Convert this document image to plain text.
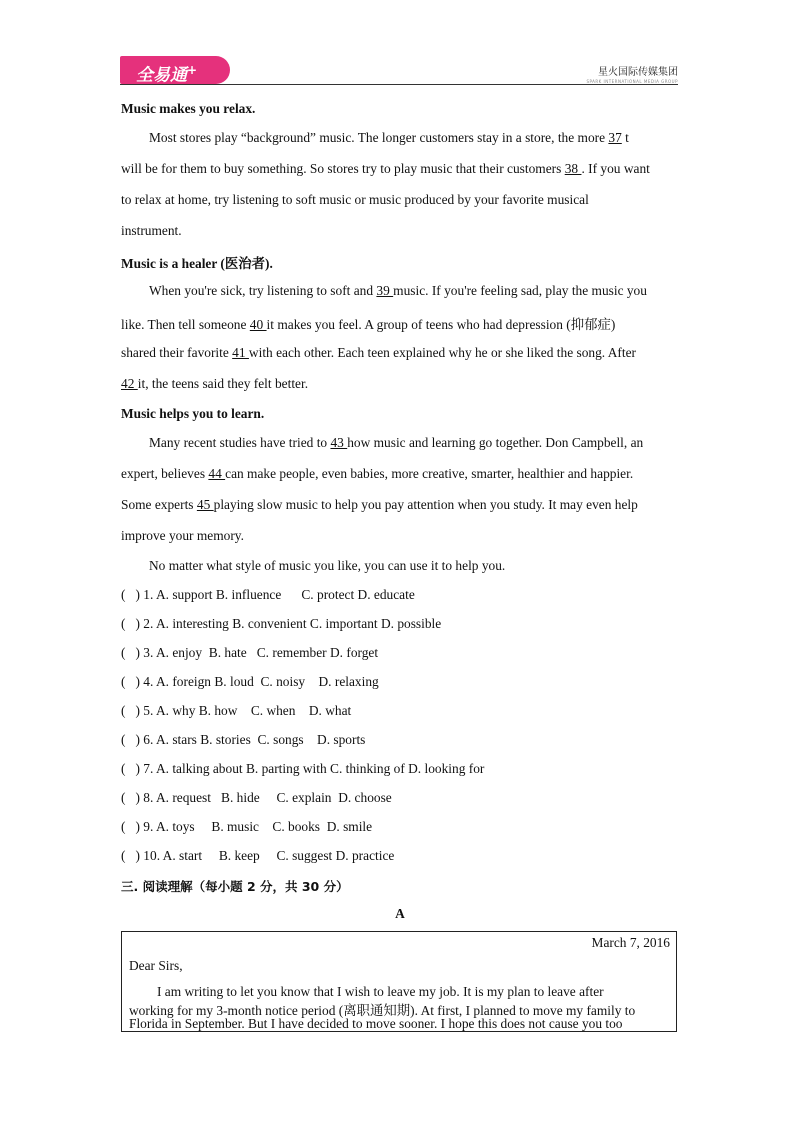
全易通+	星火国际传媒集团
SPARK INTERNATIONAL MEDIA GROUP
Music makes you relax.
Most stores play “background” music. The longer customers stay in a store, the more 37 t
will be for them to buy something. So stores try to play music that their customers 38 . If you want
to relax at home, try listening to soft music or music produced by your favorite musical
instrument.
Music is a healer (医治者).
When you're sick, try listening to soft and 39 music. If you're feeling sad, play the music you
like. Then tell someone 40 it makes you feel. A group of teens who had depression (抑郁症)
shared their favorite 41 with each other. Each teen explained why he or she liked the song. After
42 it, the teens said they felt better.
Music helps you to learn.
Many recent studies have tried to 43 how music and learning go together. Don Campbell, an
expert, believes 44 can make people, even babies, more creative, smarter, healthier and happier.
Some experts 45 playing slow music to help you pay attention when you study. It may even help
improve your memory.
No matter what style of music you like, you can use it to help you.
(   ) 1. A. support B. influence      C. protect D. educate
(   ) 2. A. interesting B. convenient C. important D. possible
(   ) 3. A. enjoy  B. hate   C. remember D. forget
(   ) 4. A. foreign B. loud  C. noisy    D. relaxing
(   ) 5. A. why B. how    C. when    D. what
(   ) 6. A. stars B. stories  C. songs    D. sports
(   ) 7. A. talking about B. parting with C. thinking of D. looking for
(   ) 8. A. request   B. hide     C. explain  D. choose
(   ) 9. A. toys     B. music    C. books  D. smile
(   ) 10. A. start     B. keep     C. suggest D. practice
三. 阅读理解（每小题 2 分，共 30 分）
A
March 7, 2016
Dear Sirs,
I am writing to let you know that I wish to leave my job. It is my plan to leave after
working for my 3-month notice period (离职通知期). At first, I planned to move my family to
Florida in September. But I have decided to move sooner. I hope this does not cause you too
